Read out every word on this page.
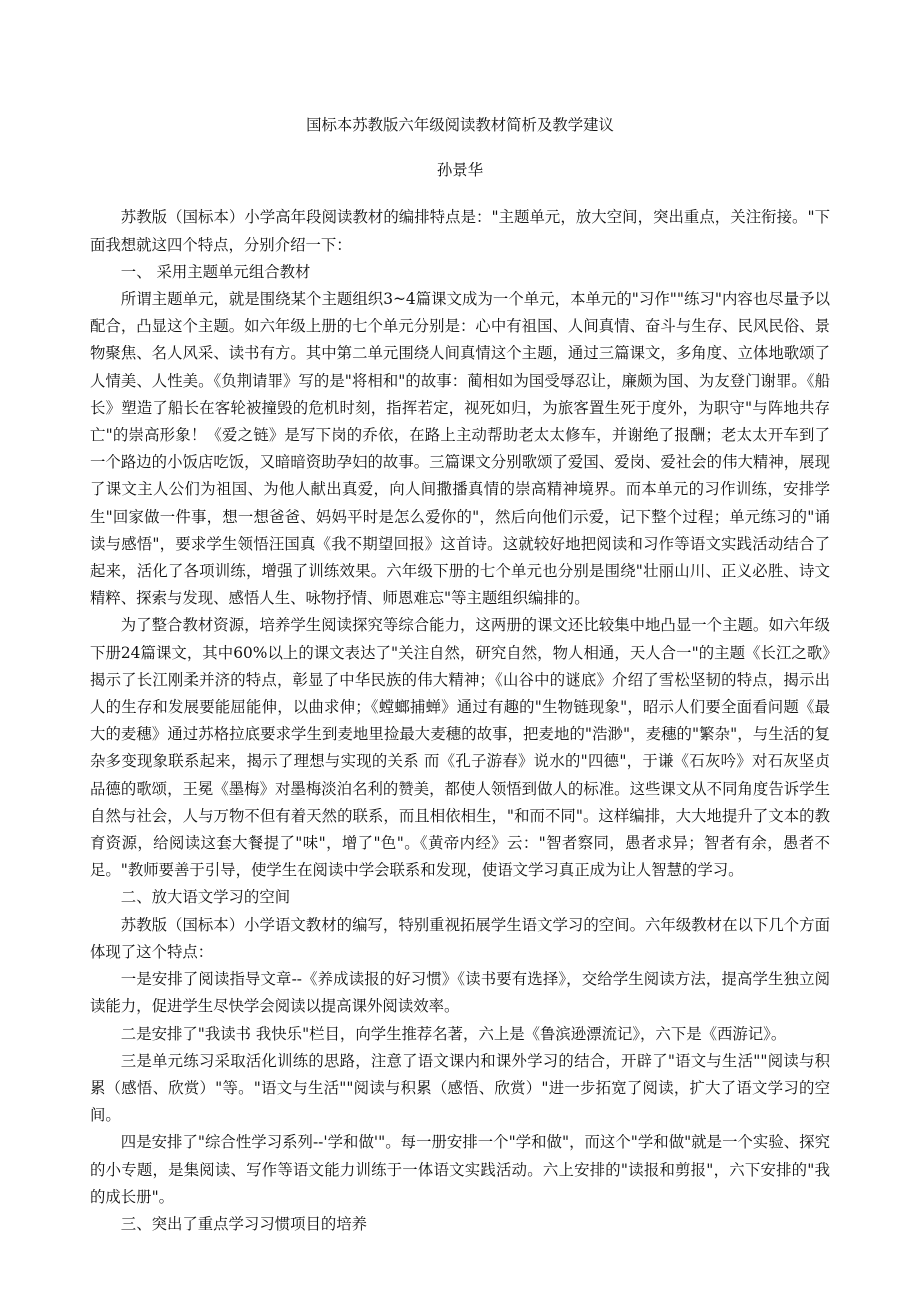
国标本苏教版六年级阅读教材简析及教学建议
孙景华

苏教版（国标本）小学高年段阅读教材的编排特点是："主题单元，放大空间，突出重点，关注衔接。"下面我想就这四个特点，分别介绍一下：

一、 采用主题单元组合教材

所谓主题单元，就是围绕某个主题组织3~4篇课文成为一个单元，本单元的"习作""练习"内容也尽量予以配合，凸显这个主题。如六年级上册的七个单元分别是：心中有祖国、人间真情、奋斗与生存、民风民俗、景物聚焦、名人风采、读书有方。其中第二单元围绕人间真情这个主题，通过三篇课文，多角度、立体地歌颂了人情美、人性美。《负荆请罪》写的是"将相和"的故事：蔺相如为国受辱忍让，廉颇为国、为友登门谢罪。《船长》塑造了船长在客轮被撞毁的危机时刻，指挥若定，视死如归，为旅客置生死于度外，为职守"与阵地共存亡"的崇高形象！《爱之链》是写下岗的乔依，在路上主动帮助老太太修车，并谢绝了报酬；老太太开车到了一个路边的小饭店吃饭，又暗暗资助孕妇的故事。三篇课文分别歌颂了爱国、爱岗、爱社会的伟大精神，展现了课文主人公们为祖国、为他人献出真爱，向人间撒播真情的崇高精神境界。而本单元的习作训练，安排学生"回家做一件事，想一想爸爸、妈妈平时是怎么爱你的"，然后向他们示爱，记下整个过程；单元练习的"诵读与感悟"，要求学生领悟汪国真《我不期望回报》这首诗。这就较好地把阅读和习作等语文实践活动结合了起来，活化了各项训练，增强了训练效果。六年级下册的七个单元也分别是围绕"壮丽山川、正义必胜、诗文精粹、探索与发现、感悟人生、咏物抒情、师恩难忘"等主题组织编排的。

为了整合教材资源，培养学生阅读探究等综合能力，这两册的课文还比较集中地凸显一个主题。如六年级下册24篇课文，其中60%以上的课文表达了"关注自然，研究自然，物人相通，天人合一"的主题《长江之歌》揭示了长江刚柔并济的特点，彰显了中华民族的伟大精神；《山谷中的谜底》介绍了雪松坚韧的特点，揭示出人的生存和发展要能屈能伸，以曲求伸；《螳螂捕蝉》通过有趣的"生物链现象"，昭示人们要全面看问题《最大的麦穗》通过苏格拉底要求学生到麦地里捡最大麦穗的故事，把麦地的"浩渺"，麦穗的"繁杂"，与生活的复杂多变现象联系起来，揭示了理想与实现的关系 而《孔子游春》说水的"四德"，于谦《石灰吟》对石灰坚贞品德的歌颂，王冕《墨梅》对墨梅淡泊名利的赞美，都使人领悟到做人的标准。这些课文从不同角度告诉学生自然与社会，人与万物不但有着天然的联系，而且相依相生，"和而不同"。这样编排，大大地提升了文本的教育资源，给阅读这套大餐提了"味"，增了"色"。《黄帝内经》云："智者察同，愚者求异；智者有余，愚者不足。"教师要善于引导，使学生在阅读中学会联系和发现，使语文学习真正成为让人智慧的学习。

二、放大语文学习的空间

苏教版（国标本）小学语文教材的编写，特别重视拓展学生语文学习的空间。六年级教材在以下几个方面体现了这个特点：

一是安排了阅读指导文章--《养成读报的好习惯》《读书要有选择》，交给学生阅读方法，提高学生独立阅读能力，促进学生尽快学会阅读以提高课外阅读效率。

二是安排了"我读书 我快乐"栏目，向学生推荐名著，六上是《鲁滨逊漂流记》，六下是《西游记》。

三是单元练习采取活化训练的思路，注意了语文课内和课外学习的结合，开辟了"语文与生活""阅读与积累（感悟、欣赏）"等。"语文与生活""阅读与积累（感悟、欣赏）"进一步拓宽了阅读，扩大了语文学习的空间。

四是安排了"综合性学习系列--'学和做'"。每一册安排一个"学和做"，而这个"学和做"就是一个实验、探究的小专题，是集阅读、写作等语文能力训练于一体语文实践活动。六上安排的"读报和剪报"，六下安排的"我的成长册"。

三、突出了重点学习习惯项目的培养
